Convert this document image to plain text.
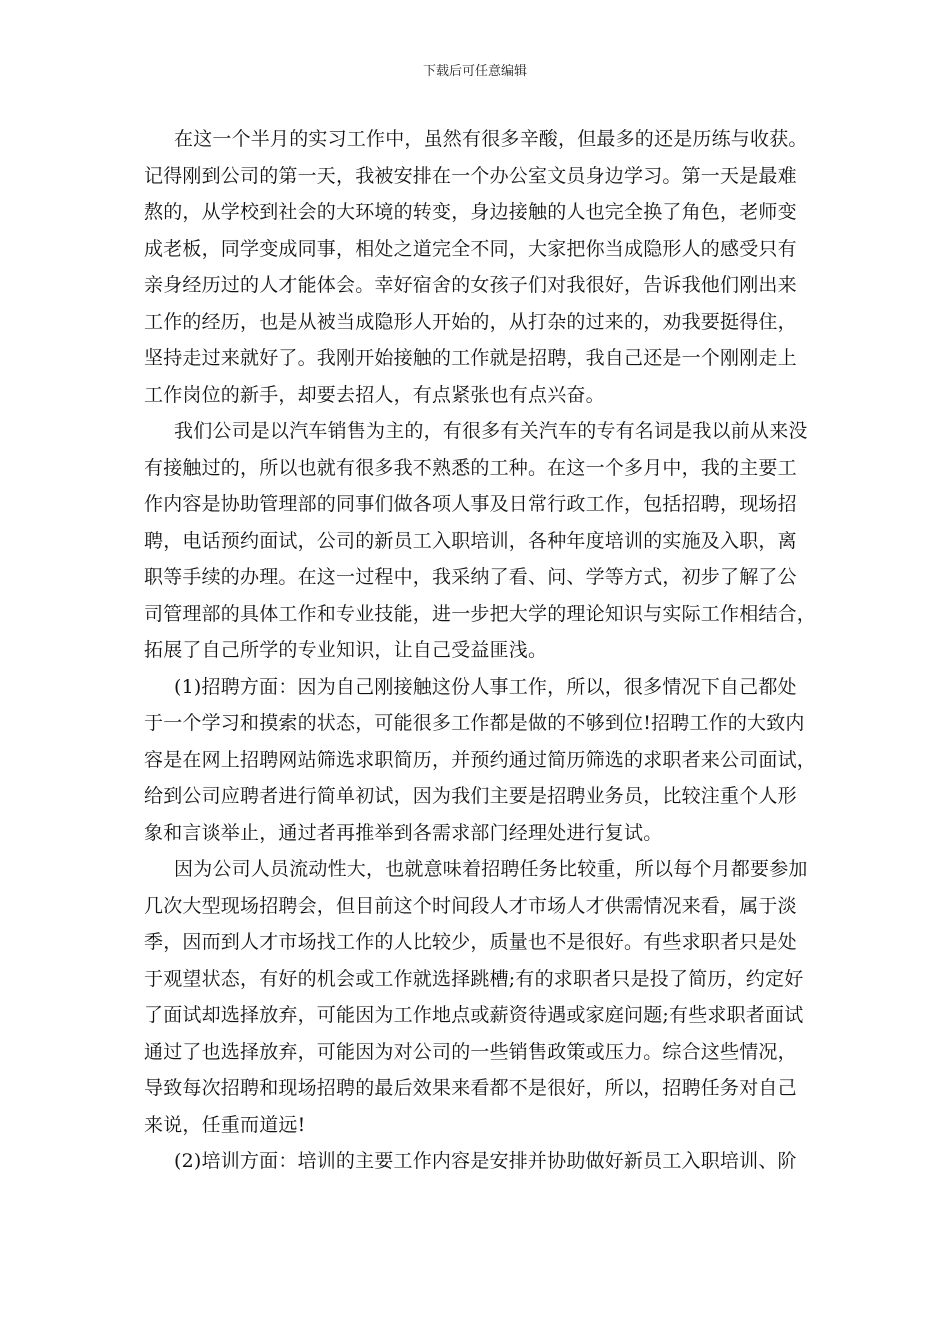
下载后可任意编辑
在这一个半月的实习工作中，虽然有很多辛酸，但最多的还是历练与收获。
记得刚到公司的第一天，我被安排在一个办公室文员身边学习。第一天是最难
熬的，从学校到社会的大环境的转变，身边接触的人也完全换了角色，老师变
成老板，同学变成同事，相处之道完全不同，大家把你当成隐形人的感受只有
亲身经历过的人才能体会。幸好宿舍的女孩子们对我很好，告诉我他们刚出来
工作的经历，也是从被当成隐形人开始的，从打杂的过来的，劝我要挺得住，
坚持走过来就好了。我刚开始接触的工作就是招聘，我自己还是一个刚刚走上
工作岗位的新手，却要去招人，有点紧张也有点兴奋。
我们公司是以汽车销售为主的，有很多有关汽车的专有名词是我以前从来没
有接触过的，所以也就有很多我不熟悉的工种。在这一个多月中，我的主要工
作内容是协助管理部的同事们做各项人事及日常行政工作，包括招聘，现场招
聘，电话预约面试，公司的新员工入职培训，各种年度培训的实施及入职，离
职等手续的办理。在这一过程中，我采纳了看、问、学等方式，初步了解了公
司管理部的具体工作和专业技能，进一步把大学的理论知识与实际工作相结合，
拓展了自己所学的专业知识，让自己受益匪浅。
(1)招聘方面：因为自己刚接触这份人事工作，所以，很多情况下自己都处
于一个学习和摸索的状态，可能很多工作都是做的不够到位!招聘工作的大致内
容是在网上招聘网站筛选求职简历，并预约通过简历筛选的求职者来公司面试，
给到公司应聘者进行简单初试，因为我们主要是招聘业务员，比较注重个人形
象和言谈举止，通过者再推举到各需求部门经理处进行复试。
因为公司人员流动性大，也就意味着招聘任务比较重，所以每个月都要参加
几次大型现场招聘会，但目前这个时间段人才市场人才供需情况来看，属于淡
季，因而到人才市场找工作的人比较少，质量也不是很好。有些求职者只是处
于观望状态，有好的机会或工作就选择跳槽;有的求职者只是投了简历，约定好
了面试却选择放弃，可能因为工作地点或薪资待遇或家庭问题;有些求职者面试
通过了也选择放弃，可能因为对公司的一些销售政策或压力。综合这些情况，
导致每次招聘和现场招聘的最后效果来看都不是很好，所以，招聘任务对自己
来说，任重而道远!
(2)培训方面：培训的主要工作内容是安排并协助做好新员工入职培训、阶
